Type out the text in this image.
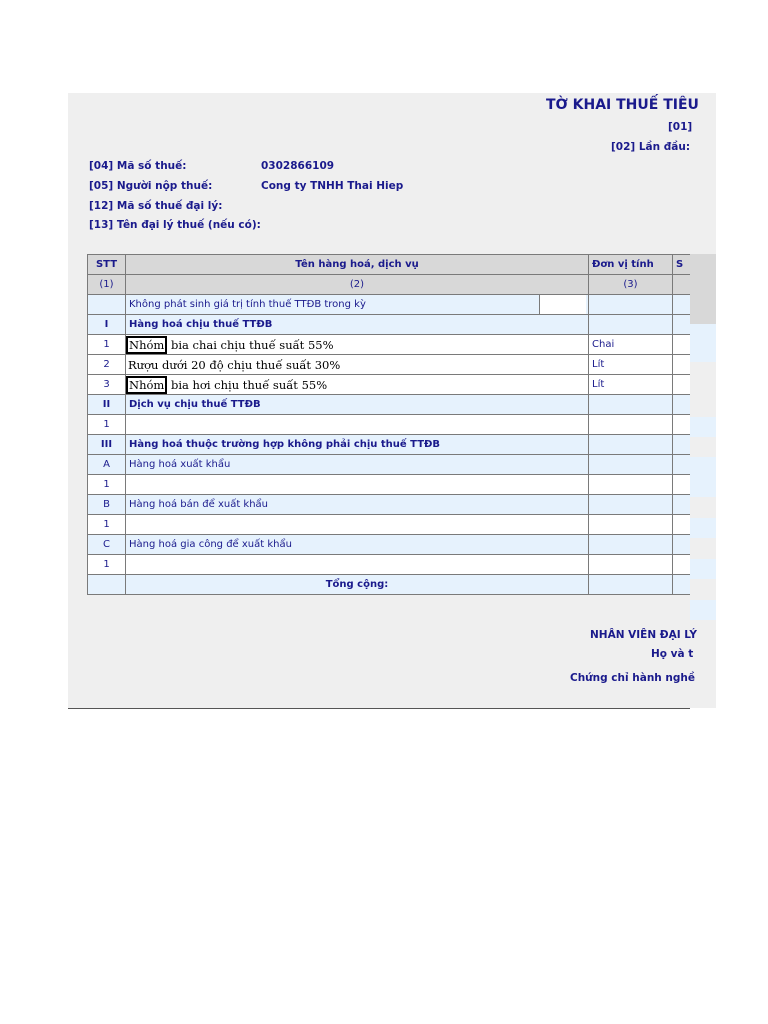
TỜ KHAI THUẾ TIÊU
[01]
[02] Lần đầu:
[04] Mã số thuế:	0302866109
[05] Người nộp thuế:	Cong ty TNHH Thai Hiep
[12] Mã số thuế đại lý:
[13] Tên đại lý thuế (nếu có):
STT	Tên hàng hoá, dịch vụ	Đơn vị tính	S
(1)	(2)	(3)	
	Không phát sinh giá trị tính thuế TTĐB trong kỳ

I	Hàng hoá chịu thuế TTĐB		
1	Nhóm bia chai chịu thuế suất 55%	Chai	
2	Rượu dưới 20 độ chịu thuế suất 30%	Lít	
3	Nhóm bia hơi chịu thuế suất 55%	Lít	
II	Dịch vụ chịu thuế TTĐB		
1			
III	Hàng hoá thuộc trường hợp không phải chịu thuế TTĐB		
A	Hàng hoá xuất khẩu		
1			
B	Hàng hoá bán để xuất khẩu		
1			
C	Hàng hoá gia công để xuất khẩu		
1			
	Tổng cộng:		
NHÂN VIÊN ĐẠI LÝ
Họ và t
Chứng chỉ hành nghề
